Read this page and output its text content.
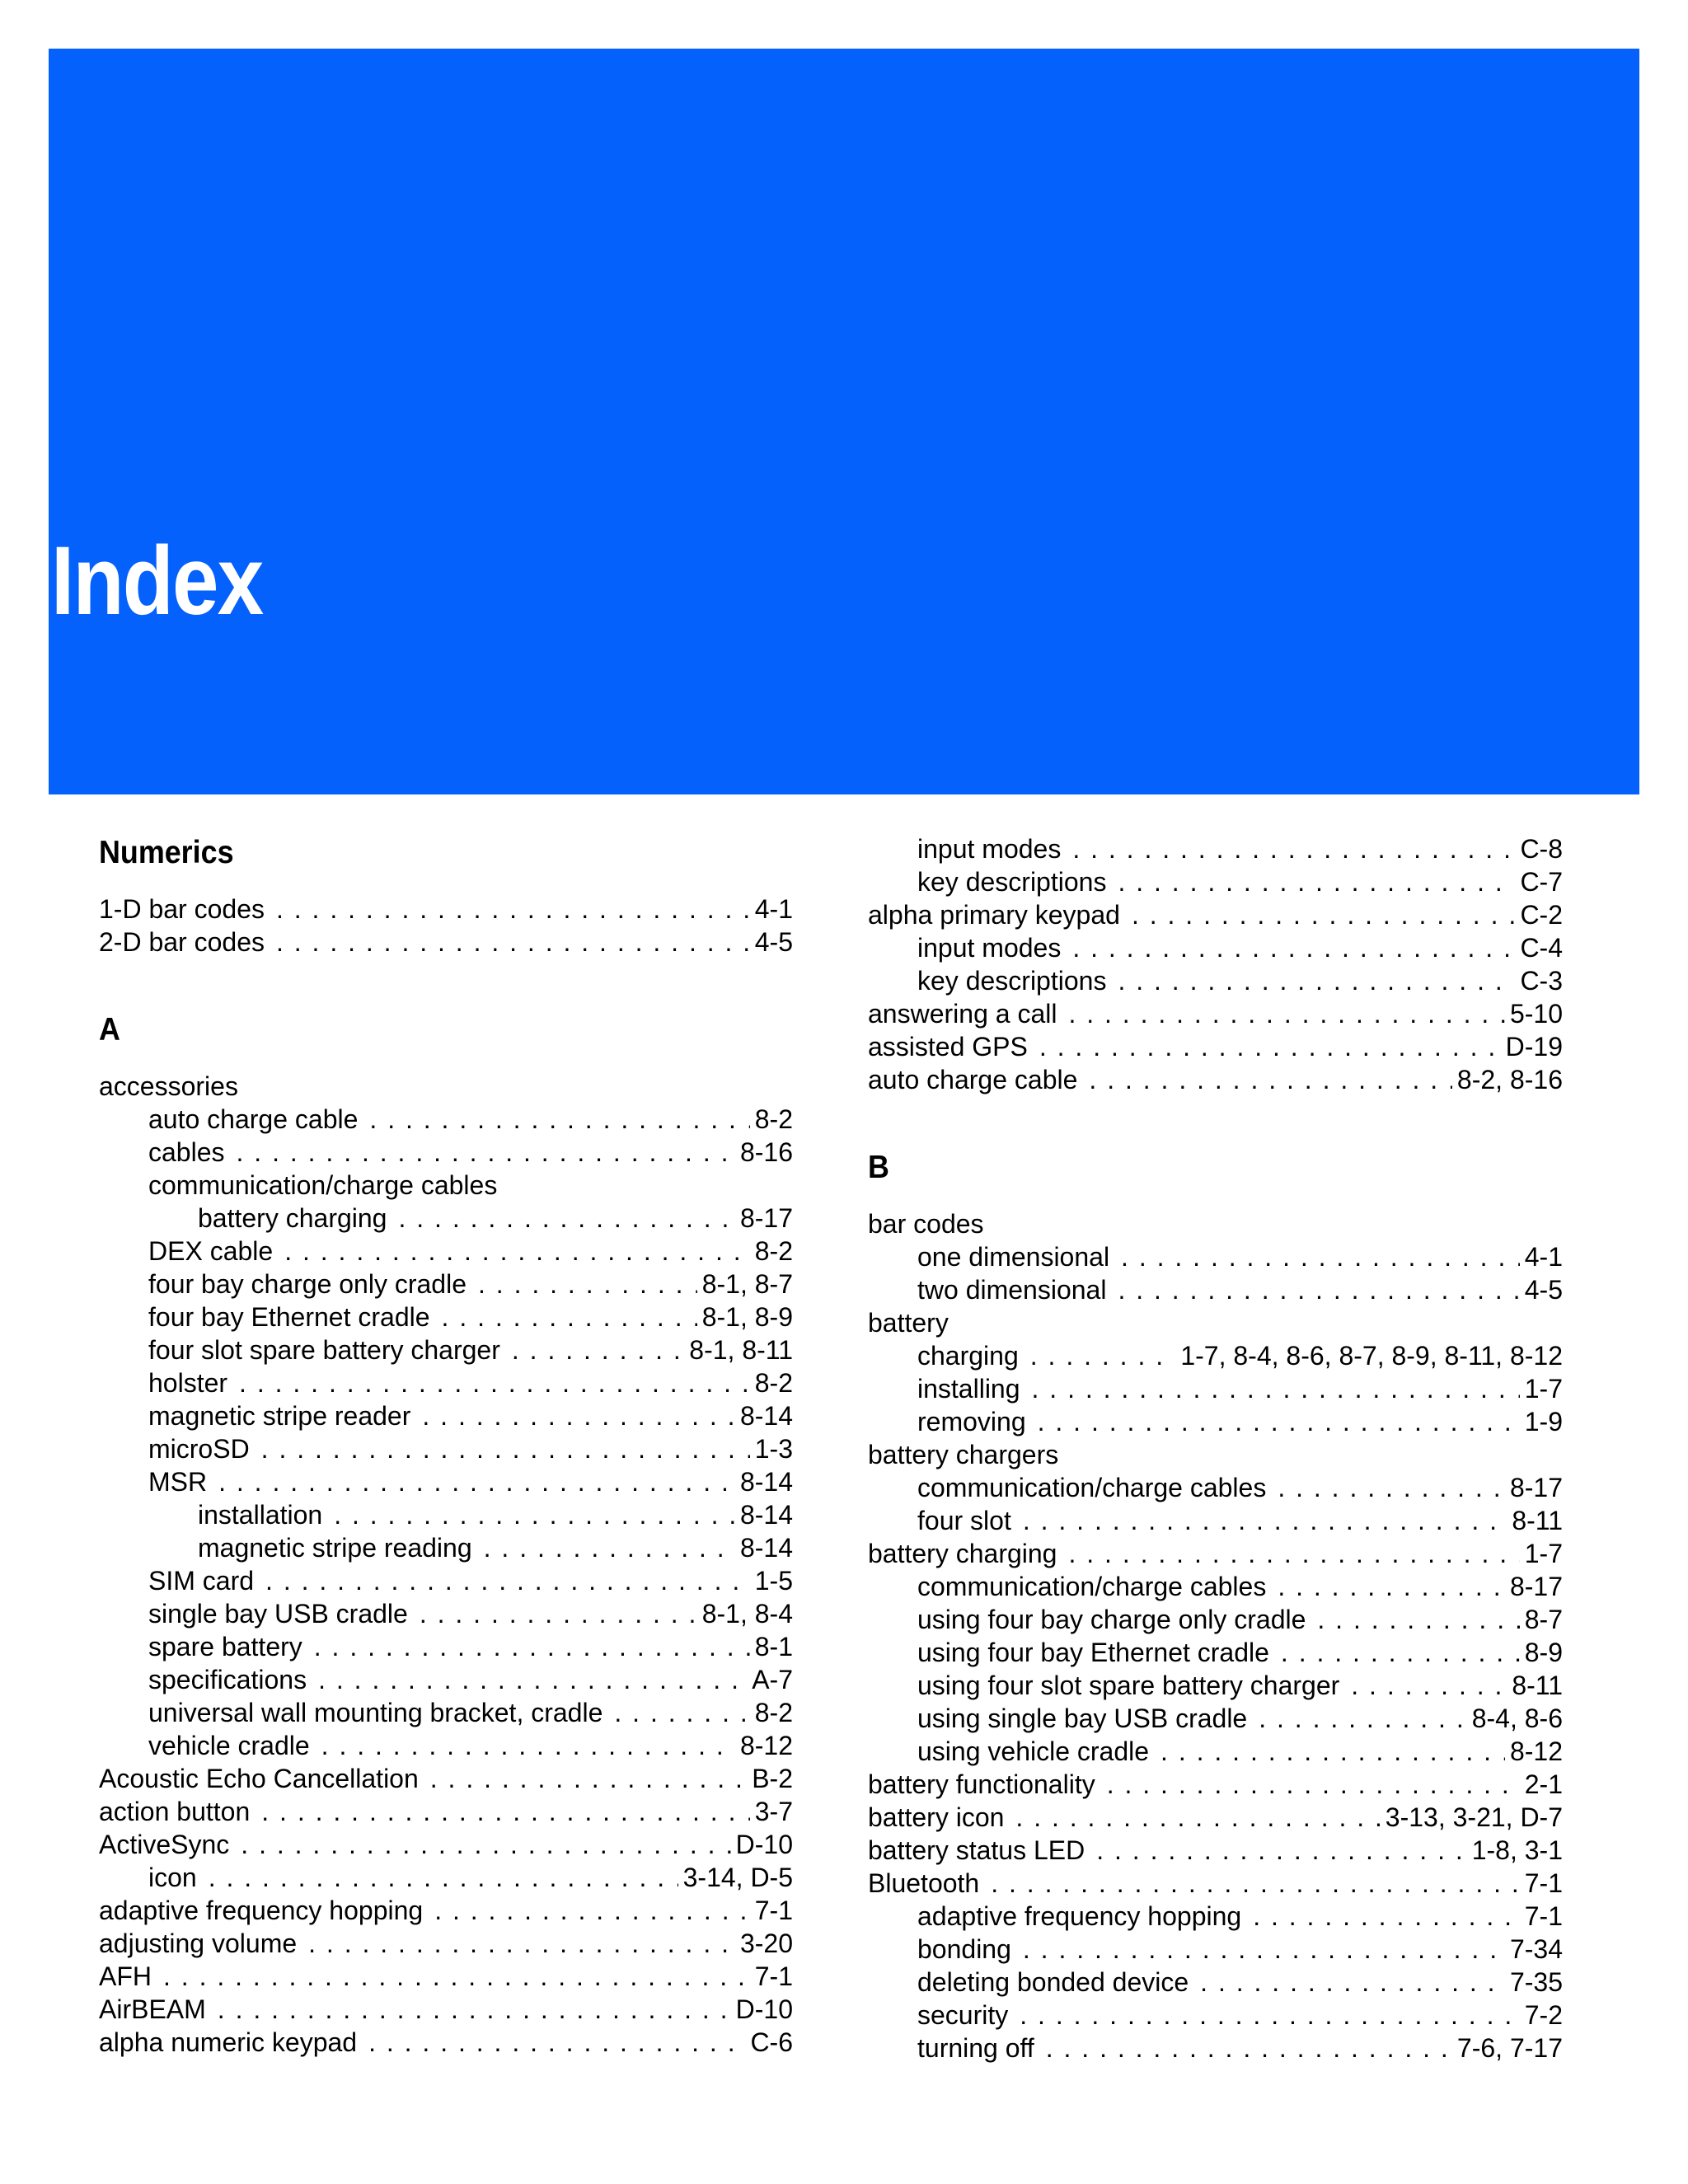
Index
Numerics
1-D bar codes . . .	4-1
2-D bar codes . . .	4-5
A
accessories
auto charge cable . . .	8-2
cables . . .	8-16
communication/charge cables
battery charging . . .	8-17
DEX cable . . .	8-2
four bay charge only cradle . . .	8-1, 8-7
four bay Ethernet cradle . . .	8-1, 8-9
four slot spare battery charger . . .	8-1, 8-11
holster . . .	8-2
magnetic stripe reader . . .	8-14
microSD . . .	1-3
MSR . . .	8-14
installation . . .	8-14
magnetic stripe reading . . .	8-14
SIM card . . .	1-5
single bay USB cradle . . .	8-1, 8-4
spare battery . . .	8-1
specifications . . .	A-7
universal wall mounting bracket, cradle . . .	8-2
vehicle cradle . . .	8-12
Acoustic Echo Cancellation . . .	B-2
action button . . .	3-7
ActiveSync . . .	D-10
icon . . .	3-14, D-5
adaptive frequency hopping . . .	7-1
adjusting volume . . .	3-20
AFH . . .	7-1
AirBEAM . . .	D-10
alpha numeric keypad . . .	C-6
input modes . . .	C-8
key descriptions . . .	C-7
alpha primary keypad . . .	C-2
input modes . . .	C-4
key descriptions . . .	C-3
answering a call . . .	5-10
assisted GPS . . .	D-19
auto charge cable . . .	8-2, 8-16
B
bar codes
one dimensional . . .	4-1
two dimensional . . .	4-5
battery
charging . . .	1-7, 8-4, 8-6, 8-7, 8-9, 8-11, 8-12
installing . . .	1-7
removing . . .	1-9
battery chargers
communication/charge cables . . .	8-17
four slot . . .	8-11
battery charging . . .	1-7
communication/charge cables . . .	8-17
using four bay charge only cradle . . .	8-7
using four bay Ethernet cradle . . .	8-9
using four slot spare battery charger . . .	8-11
using single bay USB cradle . . .	8-4, 8-6
using vehicle cradle . . .	8-12
battery functionality . . .	2-1
battery icon . . .	3-13, 3-21, D-7
battery status LED . . .	1-8, 3-1
Bluetooth . . .	7-1
adaptive frequency hopping . . .	7-1
bonding . . .	7-34
deleting bonded device . . .	7-35
security . . .	7-2
turning off . . .	7-6, 7-17
